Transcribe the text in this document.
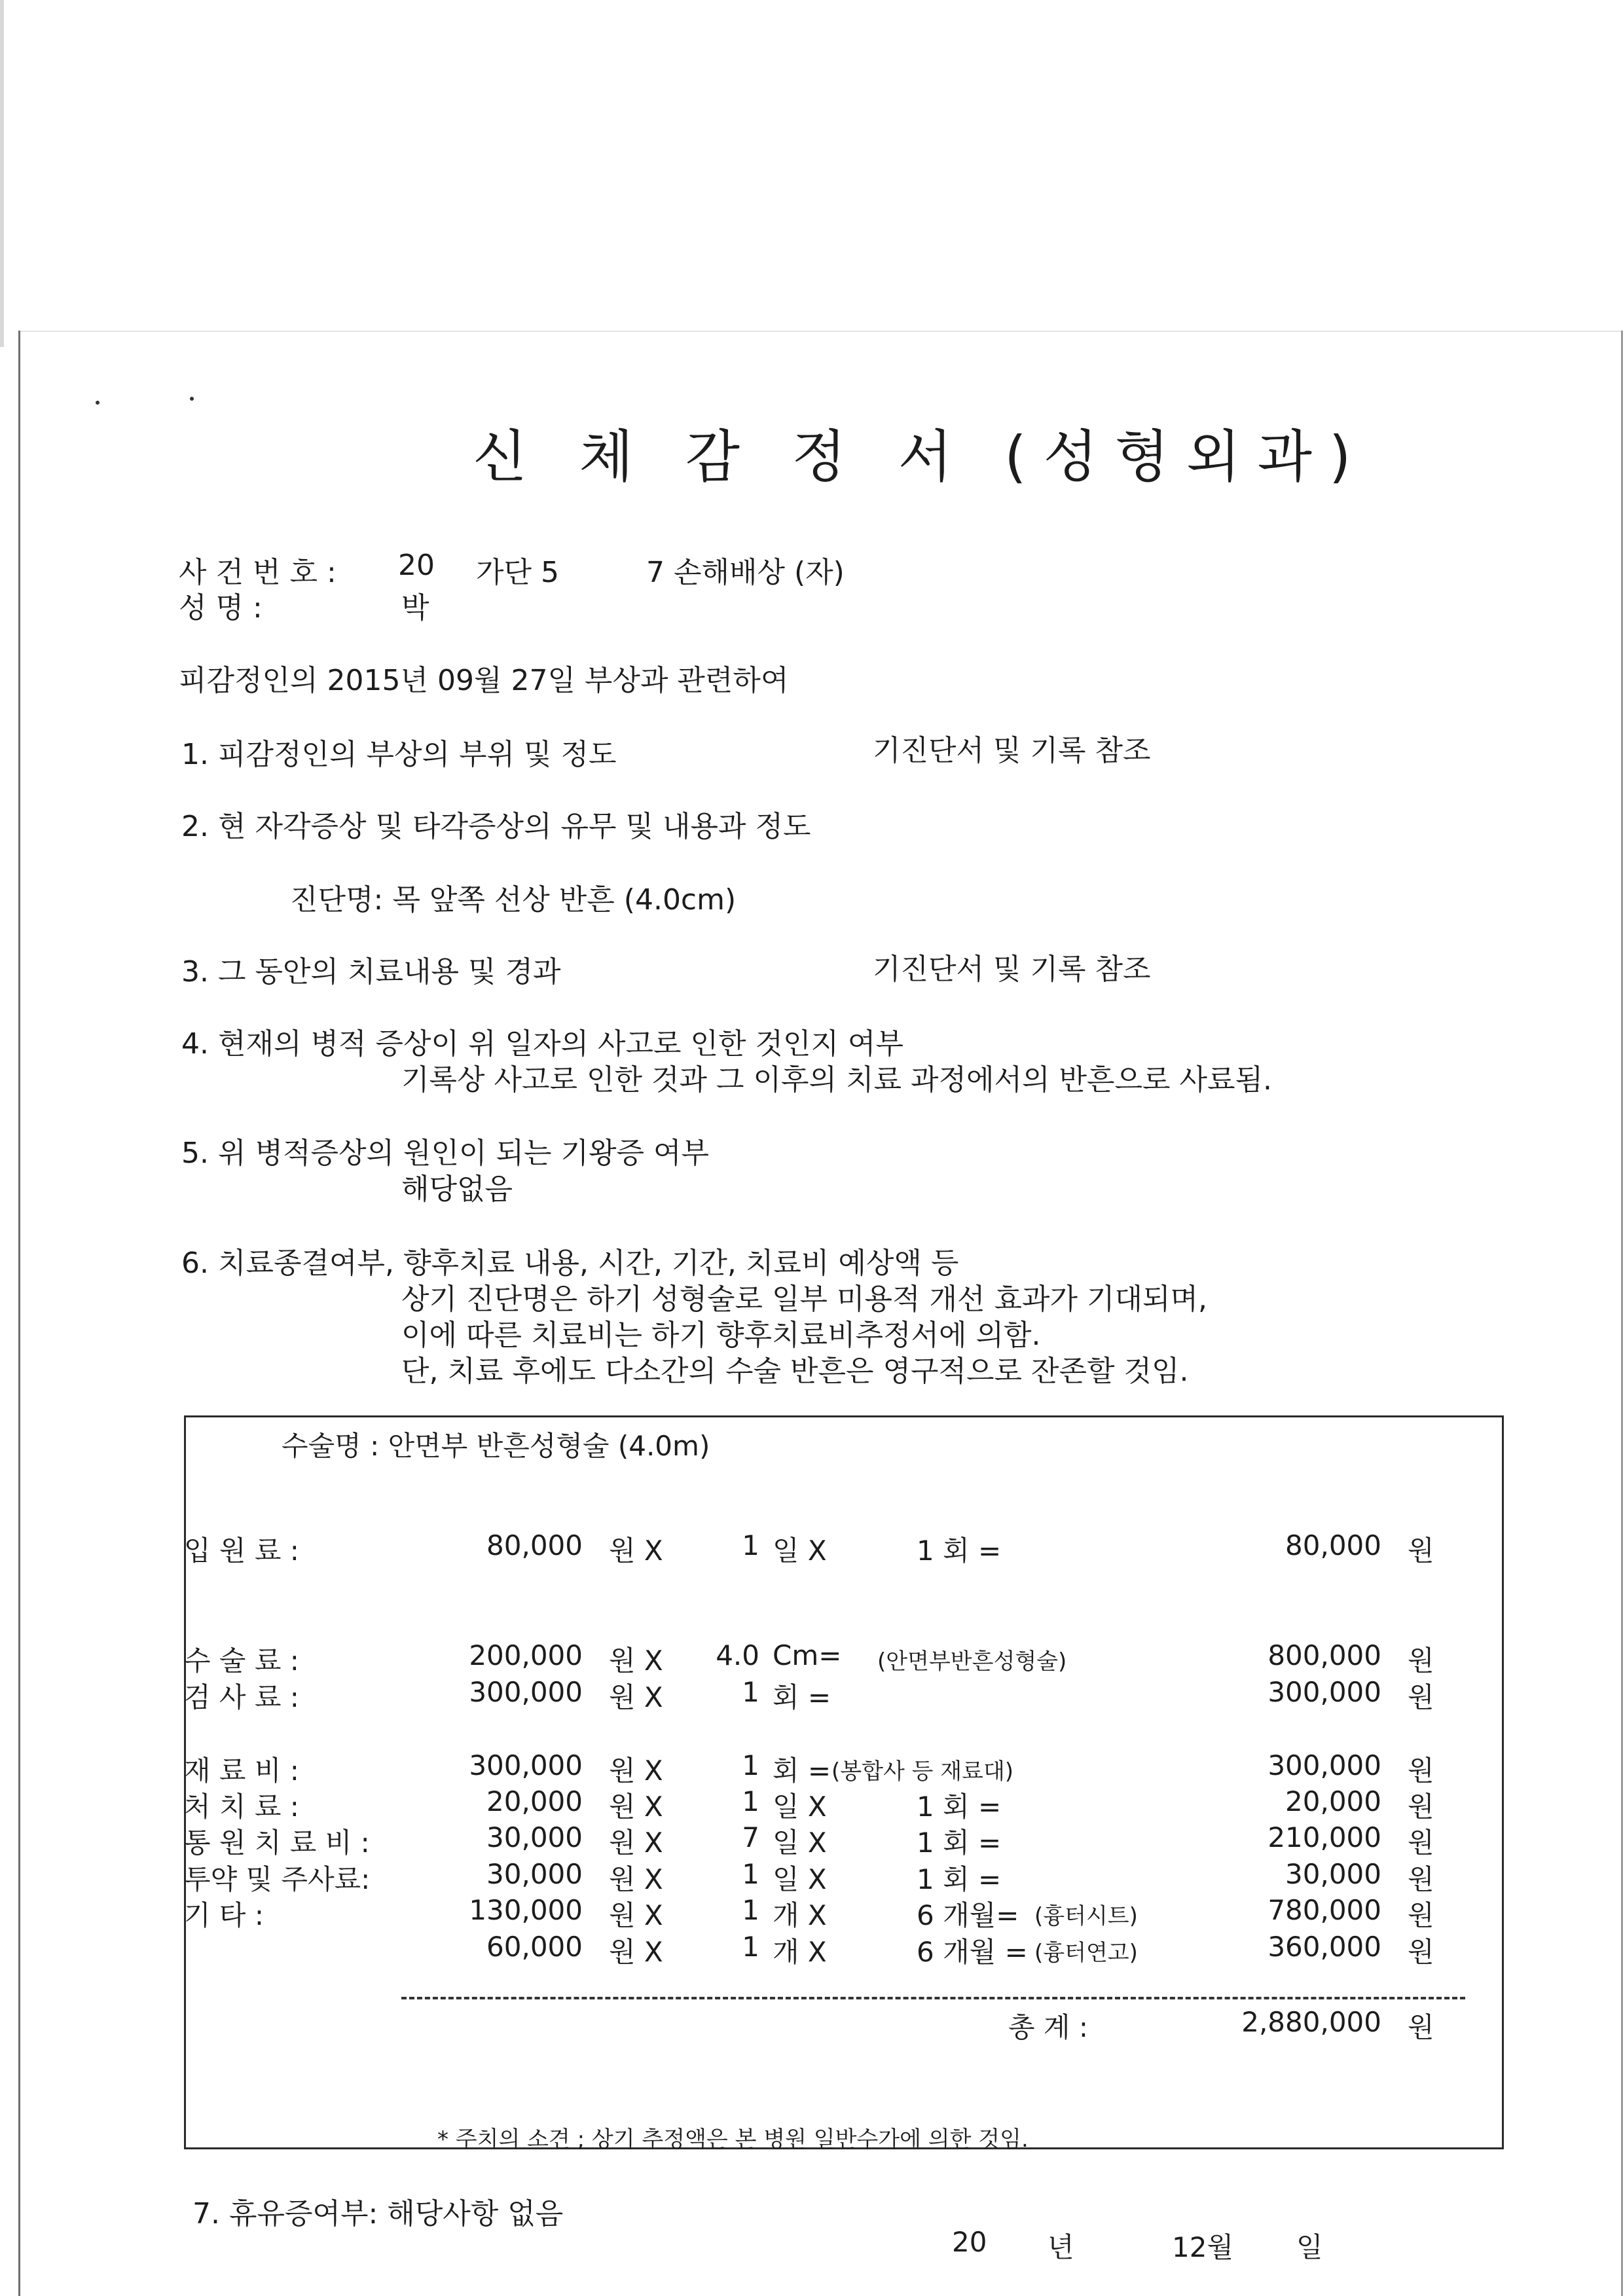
신 체 감 정 서 (성형외과)
사 건 번 호 : 20 가단 5	7 손해배상 (자)
성 명 :	박
피감정인의 2015년 09월 27일 부상과 관련하여
1. 피감정인의 부상의 부위 및 정도	기진단서 및 기록 참조
2. 현 자각증상 및 타각증상의 유무 및 내용과 정도
진단명: 목 앞쪽 선상 반흔 (4.0cm)
3. 그 동안의 치료내용 및 경과	기진단서 및 기록 참조
4. 현재의 병적 증상이 위 일자의 사고로 인한 것인지 여부
기록상 사고로 인한 것과 그 이후의 치료 과정에서의 반흔으로 사료됨.
5. 위 병적증상의 원인이 되는 기왕증 여부
해당없음
6. 치료종결여부, 향후치료 내용, 시간, 기간, 치료비 예상액 등
상기 진단명은 하기 성형술로 일부 미용적 개선 효과가 기대되며,
이에 따른 치료비는 하기 향후치료비추정서에 의함.
단, 치료 후에도 다소간의 수술 반흔은 영구적으로 잔존할 것임.
수술명 : 안면부 반흔성형술 (4.0m)
입 원 료 :	80,000 원 X	1 일 X	1 회 =	80,000 원
수 술 료 :	200,000 원 X	4.0 Cm=	800,000 원
(안면부반흔성형술)
검 사 료 :	300,000 원 X	1 회 =	300,000 원
재 료 비 :	300,000 원 X	1 회 =	300,000 원
(봉합사 등 재료대)
처 치 료 :	20,000 원 X	1 일 X	1 회 =	20,000 원
통 원 치 료 비 :	30,000 원 X	7 일 X	1 회 =	210,000 원
투약 및 주사료:	30,000 원 X	1 일 X	1 회 =	30,000 원
기 타 :	130,000 원 X	1 개 X	6 개월=	780,000 원
(흉터시트)
60,000 원 X	1 개 X	6 개월 =	360,000 원
(흉터연고)
총 계 :	2,880,000 원
* 주치의 소견 ; 상기 추정액은 본 병원 일반수가에 의한 것임.
7. 휴유증여부: 해당사항 없음
20 년	12월 일
